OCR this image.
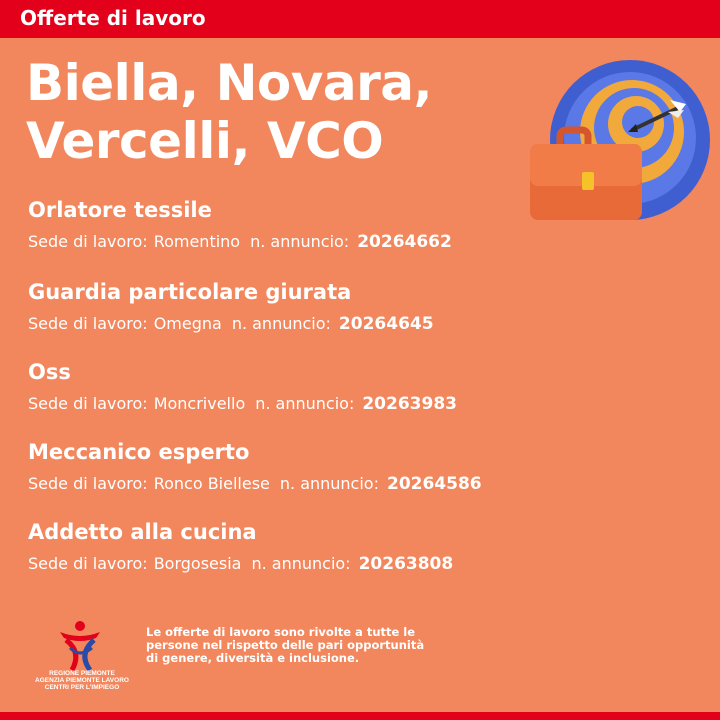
Offerte di lavoro
Biella, Novara,
Vercelli, VCO
Orlatore tessile
Sede di lavoro: Romentino n. annuncio: 20264662
Guardia particolare giurata
Sede di lavoro: Omegna n. annuncio: 20264645
Oss
Sede di lavoro: Moncrivello n. annuncio: 20263983
Meccanico esperto
Sede di lavoro: Ronco Biellese n. annuncio: 20264586
Addetto alla cucina
Sede di lavoro: Borgosesia n. annuncio: 20263808
REGIONE PIEMONTE
AGENZIA PIEMONTE LAVORO
CENTRI PER L'IMPIEGO
Le offerte di lavoro sono rivolte a tutte le persone nel rispetto delle pari opportunità di genere, diversità e inclusione.
